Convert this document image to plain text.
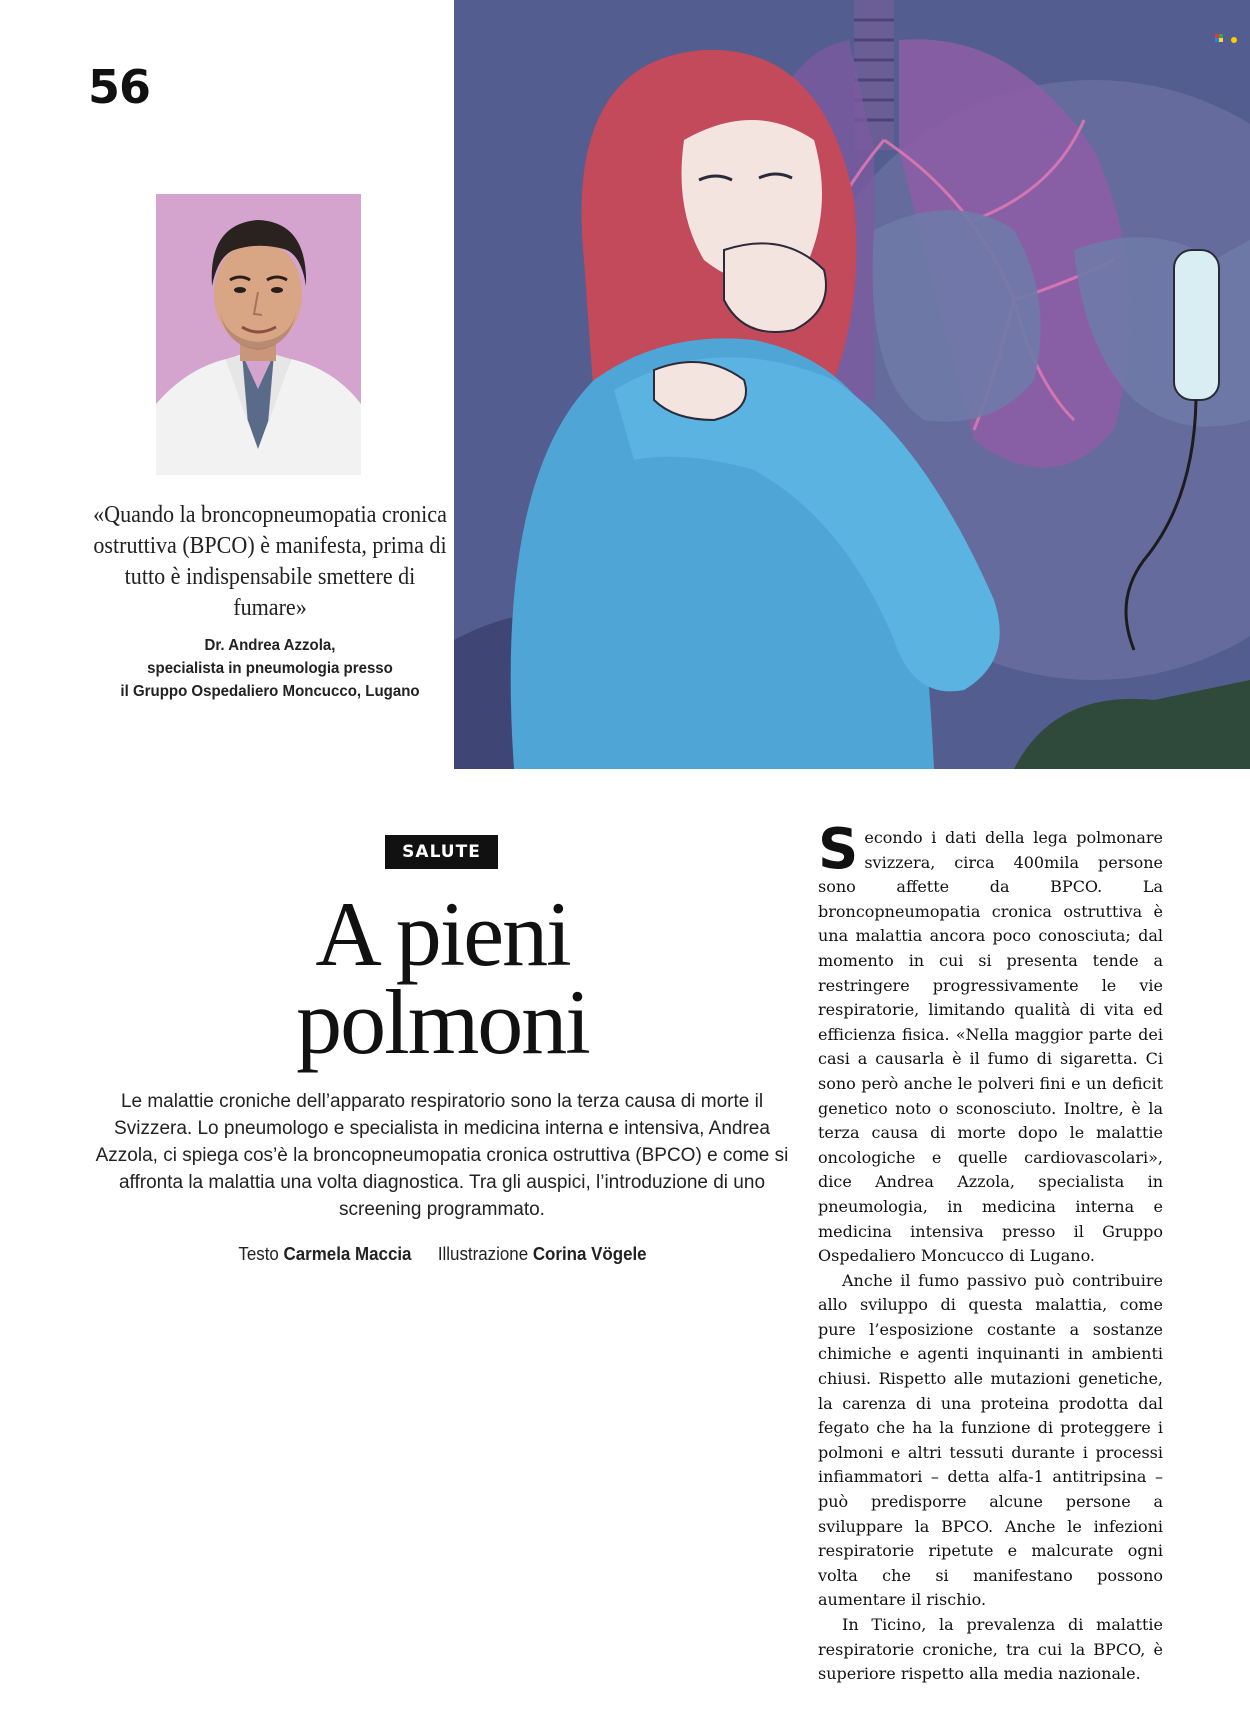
56
«Quando la broncopneumopatia cronica ostruttiva (BPCO) è manifesta, prima di tutto è indispensabile smettere di fumare»
Dr. Andrea Azzola,
specialista in pneumologia presso
il Gruppo Ospedaliero Moncucco, Lugano
SALUTE
A pieni
polmoni

Le malattie croniche dell’apparato respiratorio sono la terza causa di morte il Svizzera. Lo pneumologo e specialista in medicina interna e intensiva, Andrea Azzola, ci spiega cos’è la broncopneumopatia cronica ostruttiva (BPCO) e come si affronta la malattia una volta diagnostica. Tra gli auspici, l’introduzione di uno screening programmato.

Testo Carmela Maccia Illustrazione Corina Vögele

Secondo i dati della lega polmonare svizzera, circa 400mila persone sono affette da BPCO. La broncopneumopatia cronica ostruttiva è una malattia ancora poco conosciuta; dal momento in cui si presenta tende a restringere progressivamente le vie respiratorie, limitando qualità di vita ed efficienza fisica. «Nella maggior parte dei casi a causarla è il fumo di sigaretta. Ci sono però anche le polveri fini e un deficit genetico noto o sconosciuto. Inoltre, è la terza causa di morte dopo le malattie oncologiche e quelle cardiovascolari», dice Andrea Azzola, specialista in pneumologia, in medicina interna e medicina intensiva presso il Gruppo Ospedaliero Moncucco di Lugano.

Anche il fumo passivo può contribuire allo sviluppo di questa malattia, come pure l’esposizione costante a sostanze chimiche e agenti inquinanti in ambienti chiusi. Rispetto alle mutazioni genetiche, la carenza di una proteina prodotta dal fegato che ha la funzione di proteggere i polmoni e altri tessuti durante i processi infiammatori – detta alfa-1 antitripsina – può predisporre alcune persone a sviluppare la BPCO. Anche le infezioni respiratorie ripetute e malcurate ogni volta che si manifestano possono aumentare il rischio.

In Ticino, la prevalenza di malattie respiratorie croniche, tra cui la BPCO, è superiore rispetto alla media nazionale.
